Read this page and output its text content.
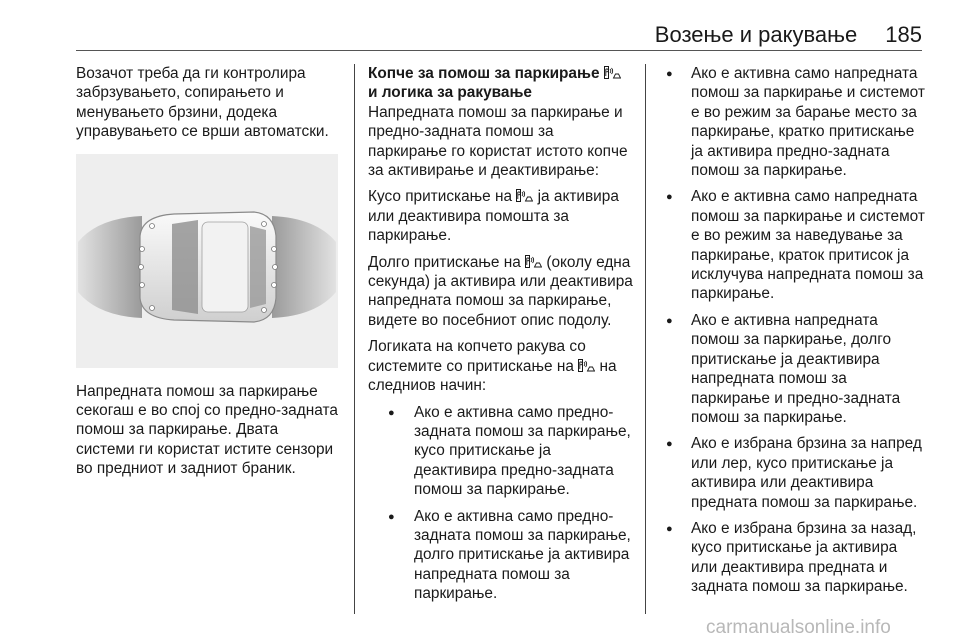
Возење и ракување 185

Возачот треба да ги контролира забрзувањето, сопирањето и менувањето брзини, додека управувањето се врши автоматски.

Напредната помош за паркирање секогаш е во спој со предно-задната помош за паркирање. Двата системи ги користат истите сензори во предниот и задниот браник.

Копче за помош за паркирање
и логика за ракување

Напредната помош за паркирање и предно-задната помош за паркирање го користат истото копче за активирање и деактивирање:

Кусо притискање на ја активира или деактивира помошта за паркирање.

Долго притискање на (околу една секунда) ја активира или деактивира напредната помош за паркирање, видете во посебниот опис подолу.

Логиката на копчето ракува со системите со притискање на на следниов начин:

● Ако е активна само предно-задната помош за паркирање, кусо притискање ја деактивира предно-задната помош за паркирање.
● Ако е активна само предно-задната помош за паркирање, долго притискање ја активира напредната помош за паркирање.
● Ако е активна само напредната помош за паркирање и системот е во режим за барање место за паркирање, кратко притискање ја активира предно-задната помош за паркирање.
● Ако е активна само напредната помош за паркирање и системот е во режим за наведување за паркирање, краток притисок ја исклучува напредната помош за паркирање.
● Ако е активна напредната помош за паркирање, долго притискање ја деактивира напредната помош за паркирање и предно-задната помош за паркирање.
● Ако е избрана брзина за напред или лер, кусо притискање ја активира или деактивира предната помош за паркирање.
● Ако е избрана брзина за назад, кусо притискање ја активира или деактивира предната и задната помош за паркирање.
carmanualsonline.info
